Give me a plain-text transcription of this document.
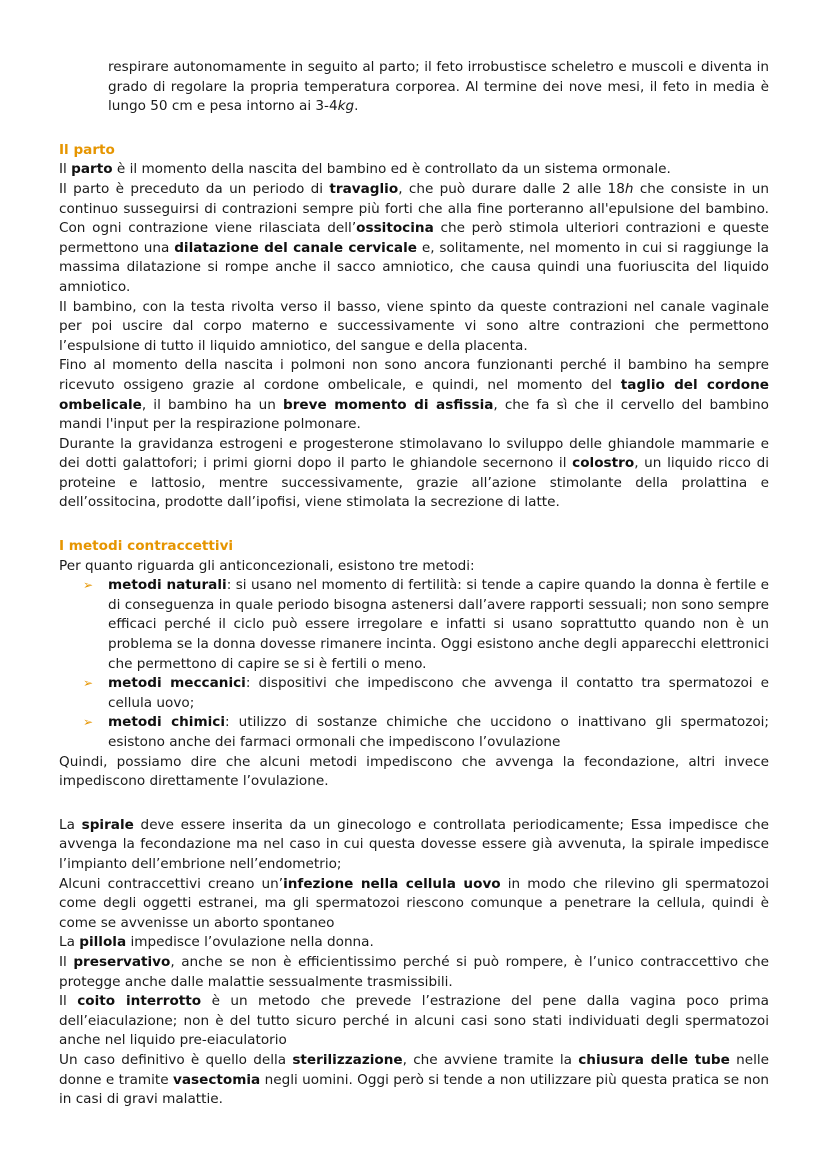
respirare autonomamente in seguito al parto; il feto irrobustisce scheletro e muscoli e diventa in grado di regolare la propria temperatura corporea. Al termine dei nove mesi, il feto in media è lungo 50 cm e pesa intorno ai 3-4kg.

Il parto

Il parto è il momento della nascita del bambino ed è controllato da un sistema ormonale.

Il parto è preceduto da un periodo di travaglio, che può durare dalle 2 alle 18h che consiste in un continuo susseguirsi di contrazioni sempre più forti che alla fine porteranno all'epulsione del bambino. Con ogni contrazione viene rilasciata dell’ossitocina che però stimola ulteriori contrazioni e queste permettono una dilatazione del canale cervicale e, solitamente, nel momento in cui si raggiunge la massima dilatazione si rompe anche il sacco amniotico, che causa quindi una fuoriuscita del liquido amniotico.

Il bambino, con la testa rivolta verso il basso, viene spinto da queste contrazioni nel canale vaginale per poi uscire dal corpo materno e successivamente vi sono altre contrazioni che permettono l’espulsione di tutto il liquido amniotico, del sangue e della placenta.

Fino al momento della nascita i polmoni non sono ancora funzionanti perché il bambino ha sempre ricevuto ossigeno grazie al cordone ombelicale, e quindi, nel momento del taglio del cordone ombelicale, il bambino ha un breve momento di asfissia, che fa sì che il cervello del bambino mandi l'input per la respirazione polmonare.

Durante la gravidanza estrogeni e progesterone stimolavano lo sviluppo delle ghiandole mammarie e dei dotti galattofori; i primi giorni dopo il parto le ghiandole secernono il colostro, un liquido ricco di proteine e lattosio, mentre successivamente, grazie all’azione stimolante della prolattina e dell’ossitocina, prodotte dall’ipofisi, viene stimolata la secrezione di latte.

I metodi contraccettivi

Per quanto riguarda gli anticoncezionali, esistono tre metodi:

➢ metodi naturali: si usano nel momento di fertilità: si tende a capire quando la donna è fertile e di conseguenza in quale periodo bisogna astenersi dall’avere rapporti sessuali; non sono sempre efficaci perché il ciclo può essere irregolare e infatti si usano soprattutto quando non è un problema se la donna dovesse rimanere incinta. Oggi esistono anche degli apparecchi elettronici che permettono di capire se si è fertili o meno.
➢ metodi meccanici: dispositivi che impediscono che avvenga il contatto tra spermatozoi e cellula uovo;
➢ metodi chimici: utilizzo di sostanze chimiche che uccidono o inattivano gli spermatozoi; esistono anche dei farmaci ormonali che impediscono l’ovulazione

Quindi, possiamo dire che alcuni metodi impediscono che avvenga la fecondazione, altri invece impediscono direttamente l’ovulazione.

La spirale deve essere inserita da un ginecologo e controllata periodicamente; Essa impedisce che avvenga la fecondazione ma nel caso in cui questa dovesse essere già avvenuta, la spirale impedisce l’impianto dell’embrione nell’endometrio;

Alcuni contraccettivi creano un’infezione nella cellula uovo in modo che rilevino gli spermatozoi come degli oggetti estranei, ma gli spermatozoi riescono comunque a penetrare la cellula, quindi è come se avvenisse un aborto spontaneo

La pillola impedisce l’ovulazione nella donna.

Il preservativo, anche se non è efficientissimo perché si può rompere, è l’unico contraccettivo che protegge anche dalle malattie sessualmente trasmissibili.

Il coito interrotto è un metodo che prevede l’estrazione del pene dalla vagina poco prima dell’eiaculazione; non è del tutto sicuro perché in alcuni casi sono stati individuati degli spermatozoi anche nel liquido pre-eiaculatorio

Un caso definitivo è quello della sterilizzazione, che avviene tramite la chiusura delle tube nelle donne e tramite vasectomia negli uomini. Oggi però si tende a non utilizzare più questa pratica se non in casi di gravi malattie.
